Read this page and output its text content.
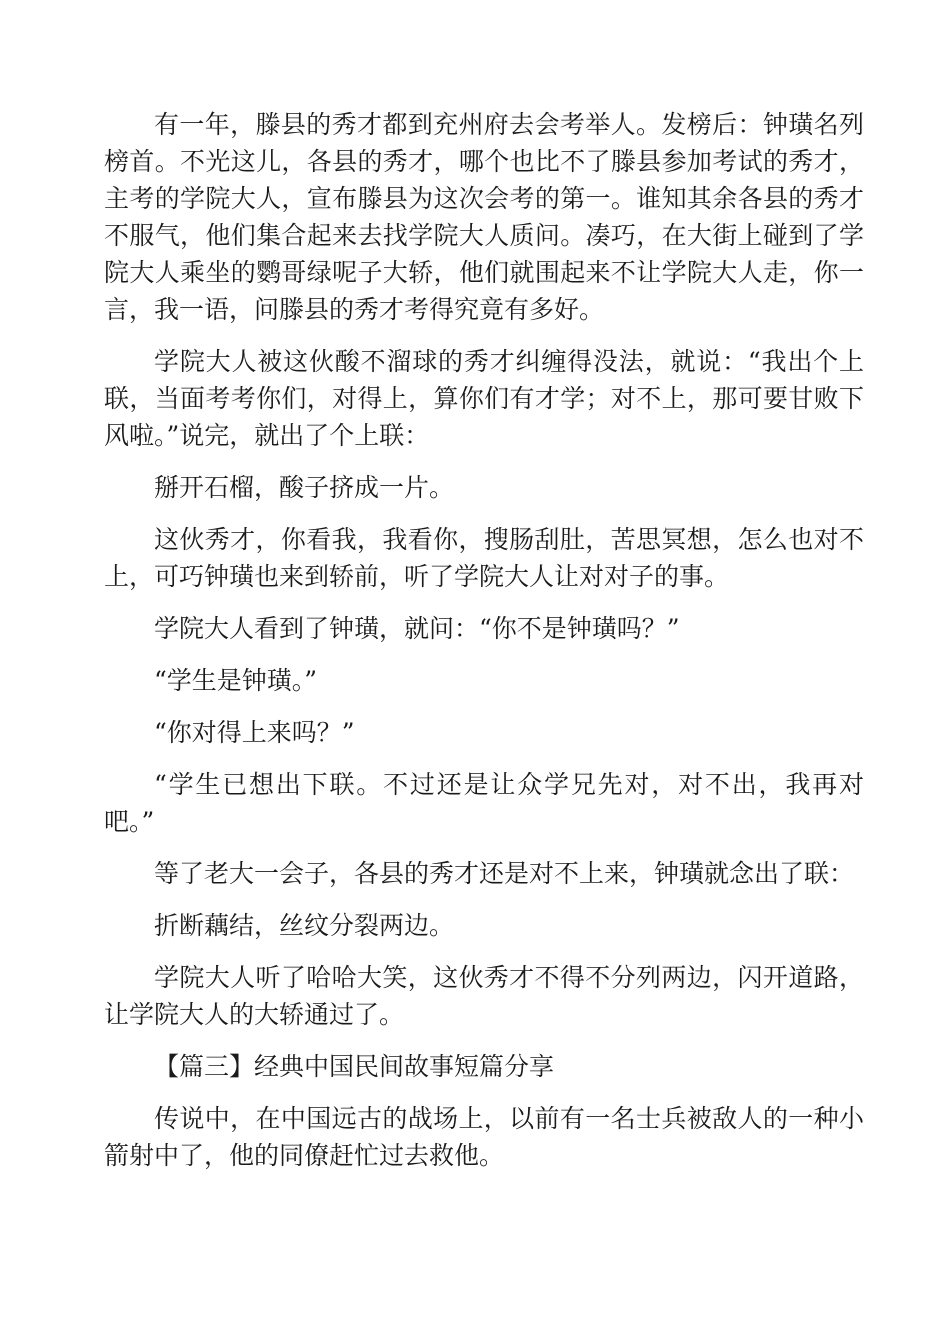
有一年，滕县的秀才都到充州府去会考举人。发榜后：钟璜名列榜首。不光这儿，各县的秀才，哪个也比不了滕县参加考试的秀才，主考的学院大人，宣布滕县为这次会考的第一。谁知其余各县的秀才不服气，他们集合起来去找学院大人质问。凑巧，在大街上碰到了学院大人乘坐的鹦哥绿呢子大轿，他们就围起来不让学院大人走，你一言，我一语，问滕县的秀才考得究竟有多好。

学院大人被这伙酸不溜球的秀才纠缠得没法，就说：“我出个上联，当面考考你们，对得上，算你们有才学；对不上，那可要甘败下风啦。”说完，就出了个上联：

掰开石榴，酸子挤成一片。

这伙秀才，你看我，我看你，搜肠刮肚，苦思冥想，怎么也对不上，可巧钟璜也来到轿前，听了学院大人让对对子的事。

学院大人看到了钟璜，就问：“你不是钟璜吗？”

“学生是钟璜。”

“你对得上来吗？”

“学生已想出下联。不过还是让众学兄先对，对不出，我再对吧。”

等了老大一会子，各县的秀才还是对不上来，钟璜就念出了联：

折断藕结，丝纹分裂两边。

学院大人听了哈哈大笑，这伙秀才不得不分列两边，闪开道路，让学院大人的大轿通过了。

【篇三】经典中国民间故事短篇分享

传说中，在中国远古的战场上，以前有一名士兵被敌人的一种小箭射中了，他的同僚赶忙过去救他。
